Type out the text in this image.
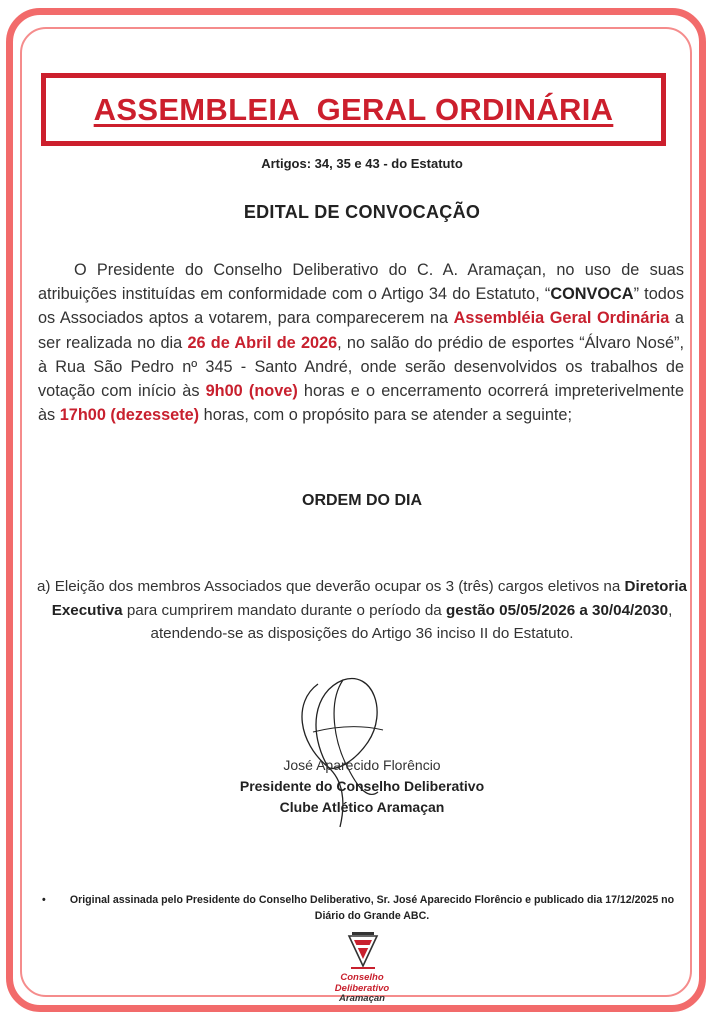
ASSEMBLEIA  GERAL ORDINÁRIA
Artigos: 34, 35 e 43 - do Estatuto
EDITAL DE CONVOCAÇÃO
O Presidente do Conselho Deliberativo do C. A. Aramaçan, no uso de suas atribuições instituídas em conformidade com o Artigo 34 do Estatuto, “CONVOCA” todos os Associados aptos a votarem, para comparecerem na Assembléia Geral Ordinária a ser realizada no dia 26 de Abril de 2026, no salão do prédio de esportes “Álvaro Nosé”, à Rua São Pedro nº 345 - Santo André, onde serão desenvolvidos os trabalhos de votação com início às 9h00 (nove) horas e o encerramento ocorrerá impreterivelmente às 17h00 (dezessete) horas, com o propósito para se atender a seguinte;
ORDEM DO DIA
a) Eleição dos membros Associados que deverão ocupar os 3 (três) cargos eletivos na Diretoria Executiva para cumprirem mandato durante o período da gestão 05/05/2026 a 30/04/2030, atendendo-se as disposições do Artigo 36 inciso II do Estatuto.
José Aparecido Florêncio
Presidente do Conselho Deliberativo
Clube Atlético Aramaçan
•	Original assinada pelo Presidente do Conselho Deliberativo, Sr. José Aparecido Florêncio e publicado dia 17/12/2025 no Diário do Grande ABC.
Conselho
Deliberativo
Aramaçan
